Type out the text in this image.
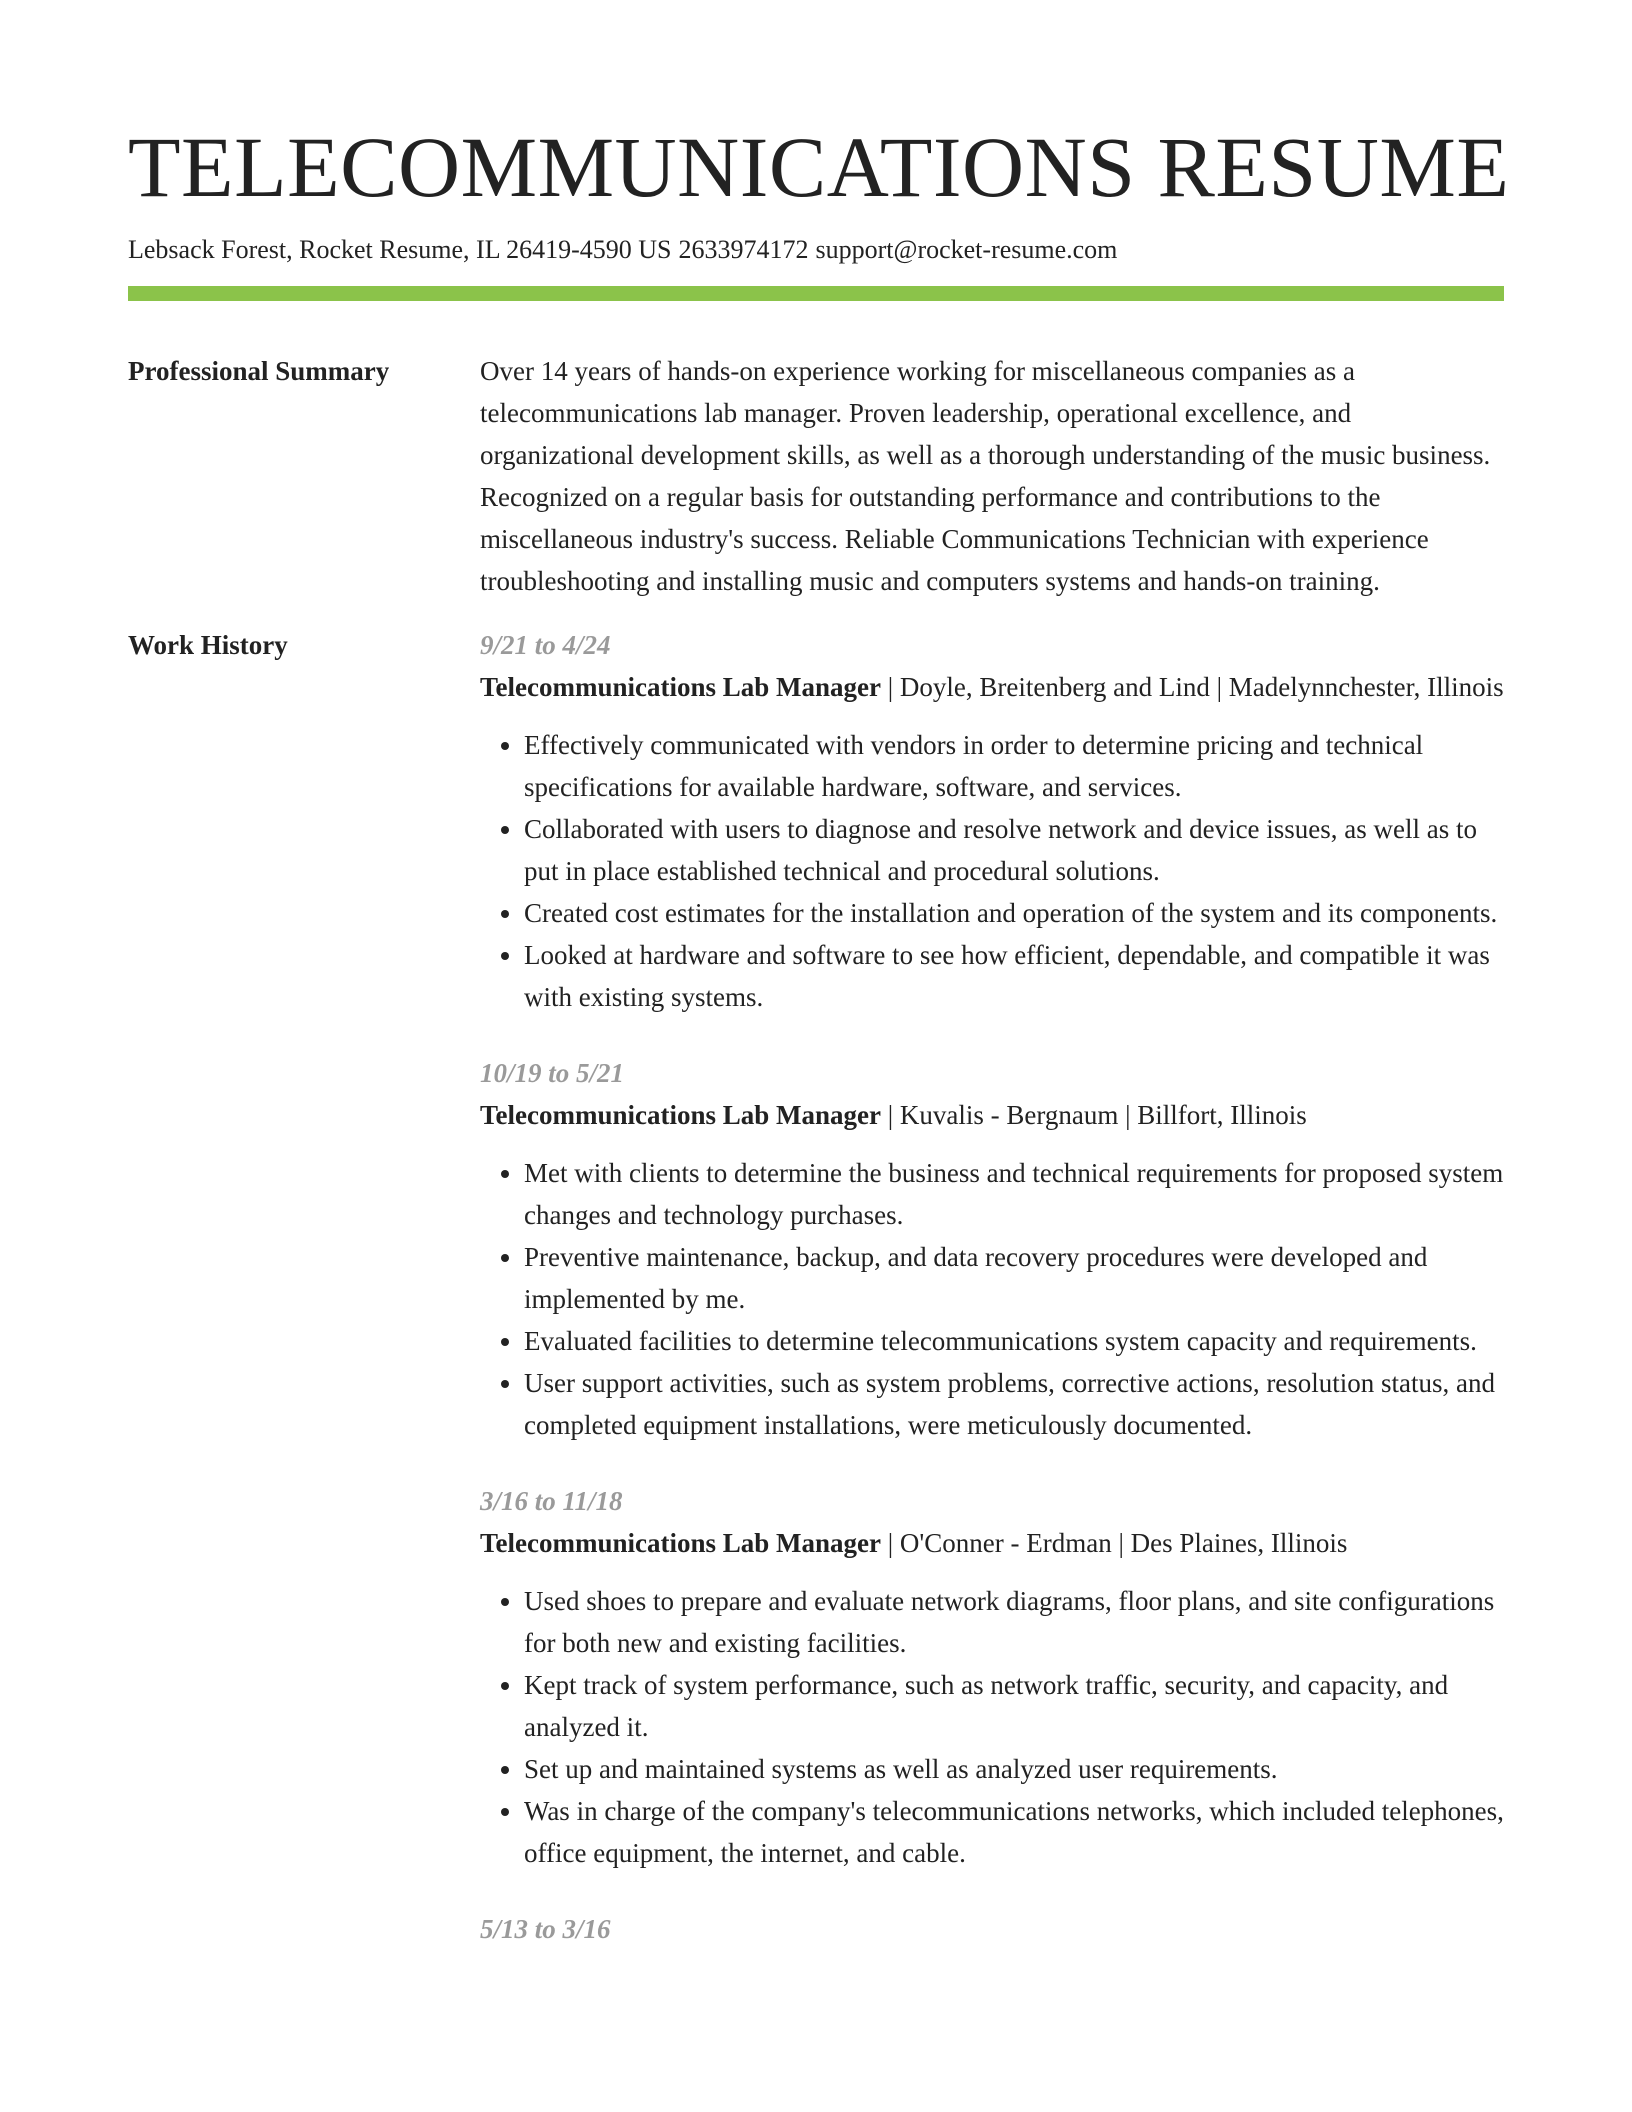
TELECOMMUNICATIONS RESUME
Lebsack Forest, Rocket Resume, IL 26419-4590 US 2633974172 support@rocket-resume.com
Professional Summary	Over 14 years of hands-on experience working for miscellaneous companies as a telecommunications lab manager. Proven leadership, operational excellence, and organizational development skills, as well as a thorough understanding of the music business. Recognized on a regular basis for outstanding performance and contributions to the miscellaneous industry's success. Reliable Communications Technician with experience troubleshooting and installing music and computers systems and hands-on training.

Work History	9/21 to 4/24

Telecommunications Lab Manager | Doyle, Breitenberg and Lind | Madelynnchester, Illinois

• Effectively communicated with vendors in order to determine pricing and technical specifications for available hardware, software, and services.
• Collaborated with users to diagnose and resolve network and device issues, as well as to put in place established technical and procedural solutions.
• Created cost estimates for the installation and operation of the system and its components.
• Looked at hardware and software to see how efficient, dependable, and compatible it was with existing systems.

10/19 to 5/21

Telecommunications Lab Manager | Kuvalis - Bergnaum | Billfort, Illinois

• Met with clients to determine the business and technical requirements for proposed system changes and technology purchases.
• Preventive maintenance, backup, and data recovery procedures were developed and implemented by me.
• Evaluated facilities to determine telecommunications system capacity and requirements.
• User support activities, such as system problems, corrective actions, resolution status, and completed equipment installations, were meticulously documented.

3/16 to 11/18

Telecommunications Lab Manager | O'Conner - Erdman | Des Plaines, Illinois

• Used shoes to prepare and evaluate network diagrams, floor plans, and site configurations for both new and existing facilities.
• Kept track of system performance, such as network traffic, security, and capacity, and analyzed it.
• Set up and maintained systems as well as analyzed user requirements.
• Was in charge of the company's telecommunications networks, which included telephones, office equipment, the internet, and cable.

5/13 to 3/16
